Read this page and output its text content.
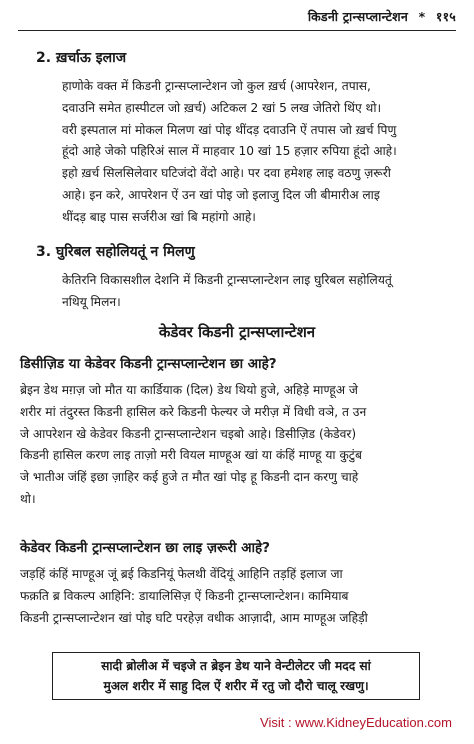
किडनी ट्रान्सप्लान्टेशन * ११५
2. ख़र्चाऊ इलाज
हाणोके वक्त में किडनी ट्रान्सप्लान्टेशन जो कुल ख़र्च (आपरेशन, तपास,
दवाउनि समेत हास्पीटल जो ख़र्च) अटिकल 2 खां 5 लख जेतिरो थिंए थो।
वरी इस्पताल मां मोकल मिलण खां पोइ थींदड़ दवाउनि ऐं तपास जो ख़र्च पिणु
हूंदो आहे जेको पहिरिअं साल में माहवार 10 खां 15 हज़ार रुपिया हूंदो आहे।
इहो ख़र्च सिलसिलेवार घटिजंदो वेंदो आहे। पर दवा हमेशह लाइ वठणु ज़रूरी
आहे। इन करे, आपरेशन ऐं उन खां पोइ जो इलाजु दिल जी बीमारीअ लाइ
थींदड़ बाइ पास सर्जरीअ खां बि महांगो आहे।
3. घुरिबल सहोलियतूं न मिलणु
केतिरनि विकासशील देशनि में किडनी ट्रान्सप्लान्टेशन लाइ घुरिबल सहोलियतूं
नथियू मिलन।
केडेवर किडनी ट्रान्सप्लान्टेशन
डिसीज़िड या केडेवर किडनी ट्रान्सप्लान्टेशन छा आहे?
ब्रेइन डेथ मग़ज़ जो मौत या कार्डियाक (दिल) डेथ थियो हुजे, अहिड़े माण्हूअ जे
शरीर मां तंदुरस्त किडनी हासिल करे किडनी फेल्यर जे मरीज़ में विधी वञे, त उन
जे आपरेशन खे केडेवर किडनी ट्रान्सप्लान्टेशन चइबो आहे। डिसीज़िड (केडेवर)
किडनी हासिल करण लाइ ताज़ो मरी वियल माण्हूअ खां या कंहिं माण्हू या कुटुंब
जे भातीअ जंहिं इछा ज़ाहिर कई हुजे त मौत खां पोइ हू किडनी दान करणु चाहे
थो।
केडेवर किडनी ट्रान्सप्लान्टेशन छा लाइ ज़रूरी आहे?
जड़हिं कंहिं माण्हूअ जूं ब्रई किडनियूं फेलथी वेंदियूं आहिनि तड़हिं इलाज जा
फक़ति ब्र विकल्प आहिनि: डायालिसिज़ ऐं किडनी ट्रान्सप्लान्टेशन। कामियाब
किडनी ट्रान्सप्लान्टेशन खां पोइ घटि परहेज़ वधीक आज़ादी, आम माण्हूअ जहिड़ी
सादी ब्रोलीअ में चइजे त ब्रेइन डेथ याने वेन्टीलेटर जी मदद सां
मुअल शरीर में साहु दिल ऐं शरीर में रतु जो दौरो चालू रखणु।
Visit : www.KidneyEducation.com
